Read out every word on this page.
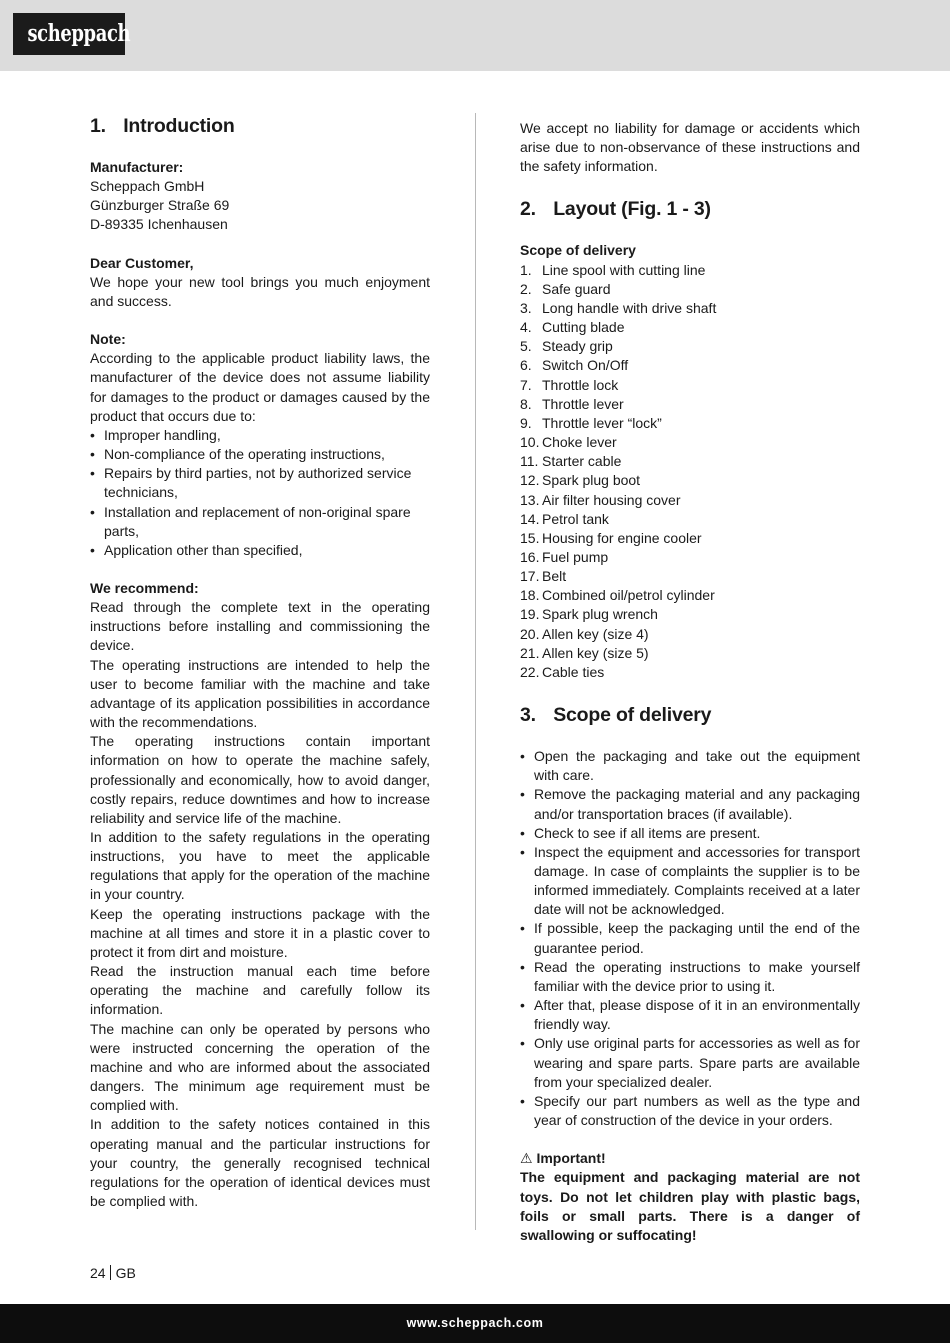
scheppach
1. Introduction
Manufacturer:
Scheppach GmbH
Günzburger Straße 69
D-89335 Ichenhausen
Dear Customer,

We hope your new tool brings you much enjoyment and success.

Note:

According to the applicable product liability laws, the manufacturer of the device does not assume liability for damages to the product or damages caused by the product that occurs due to:

• Improper handling,
• Non-compliance of the operating instructions,
• Repairs by third parties, not by authorized service technicians,
• Installation and replacement of non-original spare parts,
• Application other than specified,
We recommend:

Read through the complete text in the operating instructions before installing and commissioning the device.

The operating instructions are intended to help the user to become familiar with the machine and take advantage of its application possibilities in accordance with the recommendations.

The operating instructions contain important information on how to operate the machine safely, professionally and economically, how to avoid danger, costly repairs, reduce downtimes and how to increase reliability and service life of the machine.

In addition to the safety regulations in the operating instructions, you have to meet the applicable regulations that apply for the operation of the machine in your country.

Keep the operating instructions package with the machine at all times and store it in a plastic cover to protect it from dirt and moisture.

Read the instruction manual each time before operating the machine and carefully follow its information.

The machine can only be operated by persons who were instructed concerning the operation of the machine and who are informed about the associated dangers. The minimum age requirement must be complied with.

In addition to the safety notices contained in this operating manual and the particular instructions for your country, the generally recognised technical regulations for the operation of identical devices must be complied with.

We accept no liability for damage or accidents which arise due to non-observance of these instructions and the safety information.

2. Layout (Fig. 1 - 3)
Scope of delivery
1. Line spool with cutting line
2. Safe guard
3. Long handle with drive shaft
4. Cutting blade
5. Steady grip
6. Switch On/Off
7. Throttle lock
8. Throttle lever
9. Throttle lever “lock”
10. Choke lever
11. Starter cable
12. Spark plug boot
13. Air filter housing cover
14. Petrol tank
15. Housing for engine cooler
16. Fuel pump
17. Belt
18. Combined oil/petrol cylinder
19. Spark plug wrench
20. Allen key (size 4)
21. Allen key (size 5)
22. Cable ties
3. Scope of delivery
• Open the packaging and take out the equipment with care.
• Remove the packaging material and any packaging and/or transportation braces (if available).
• Check to see if all items are present.
• Inspect the equipment and accessories for transport damage. In case of complaints the supplier is to be informed immediately. Complaints received at a later date will not be acknowledged.
• If possible, keep the packaging until the end of the guarantee period.
• Read the operating instructions to make yourself familiar with the device prior to using it.
• After that, please dispose of it in an environmentally friendly way.
• Only use original parts for accessories as well as for wearing and spare parts. Spare parts are available from your specialized dealer.
• Specify our part numbers as well as the type and year of construction of the device in your orders.
⚠ Important!

The equipment and packaging material are not toys. Do not let children play with plastic bags, foils or small parts. There is a danger of swallowing or suffocating!

24 GB
www.scheppach.com
